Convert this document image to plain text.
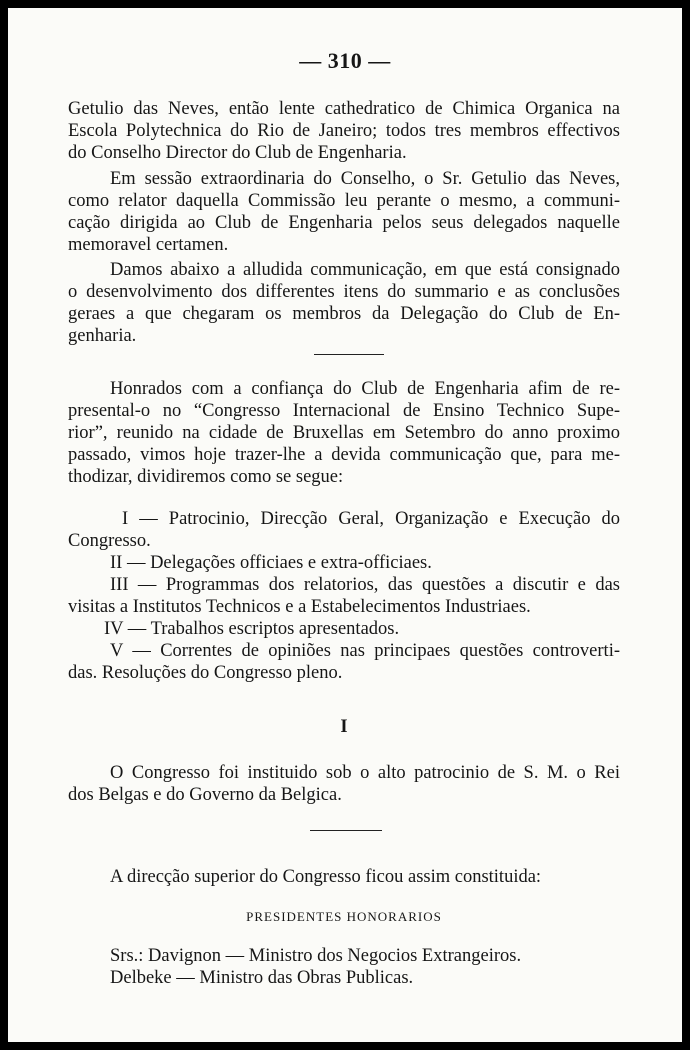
— 310 —
Getulio das Neves, então lente cathedratico de Chimica Organica na
Escola Polytechnica do Rio de Janeiro; todos tres membros effectivos
do Conselho Director do Club de Engenharia.
Em sessão extraordinaria do Conselho, o Sr. Getulio das Neves,
como relator daquella Commissão leu perante o mesmo, a communi-
cação dirigida ao Club de Engenharia pelos seus delegados naquelle
memoravel certamen.
Damos abaixo a alludida communicação, em que está consignado
o desenvolvimento dos differentes itens do summario e as conclusões
geraes a que chegaram os membros da Delegação do Club de En-
genharia.
Honrados com a confiança do Club de Engenharia afim de re-
presental-o no “Congresso Internacional de Ensino Technico Supe-
rior”, reunido na cidade de Bruxellas em Setembro do anno proximo
passado, vimos hoje trazer-lhe a devida communicação que, para me-
thodizar, dividiremos como se segue:
I — Patrocinio, Direcção Geral, Organização e Execução do
Congresso.
II — Delegações officiaes e extra-officiaes.
III — Programmas dos relatorios, das questões a discutir e das
visitas a Institutos Technicos e a Estabelecimentos Industriaes.
IV — Trabalhos escriptos apresentados.
V — Correntes de opiniões nas principaes questões controverti-
das. Resoluções do Congresso pleno.
I
O Congresso foi instituido sob o alto patrocinio de S. M. o Rei
dos Belgas e do Governo da Belgica.
A direcção superior do Congresso ficou assim constituida:
PRESIDENTES HONORARIOS
Srs.: Davignon — Ministro dos Negocios Extrangeiros.
Delbeke — Ministro das Obras Publicas.
